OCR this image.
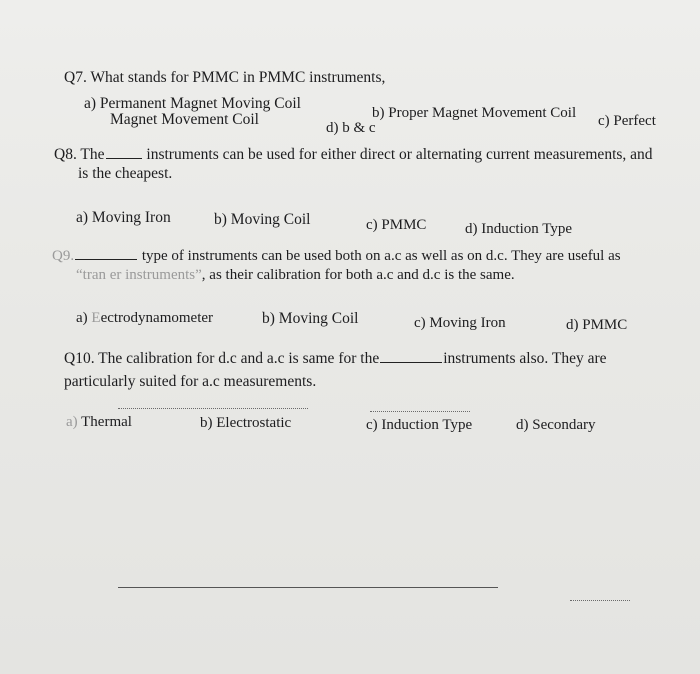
Q7. What stands for PMMC in PMMC instruments,
a) Permanent Magnet Moving Coil
b) Proper Magnet Movement Coil c) Perfect
Magnet Movement Coil	d) b & c
Q8. The	instruments can be used for either direct or alternating current measurements, and
is the cheapest.
a) Moving Iron	b) Moving Coil	c) PMMC	d) Induction Type
Q9.	type of instruments can be used both on a.c as well as on d.c. They are useful as
“tran er instruments”, as their calibration for both a.c and d.c is the same.
a) Eectrodynamometer	b) Moving Coil	c) Moving Iron	d) PMMC
Q10. The calibration for d.c and a.c is same for the	instruments also. They are
particularly suited for a.c measurements.
a) Thermal	b) Electrostatic	c) Induction Type	d) Secondary
